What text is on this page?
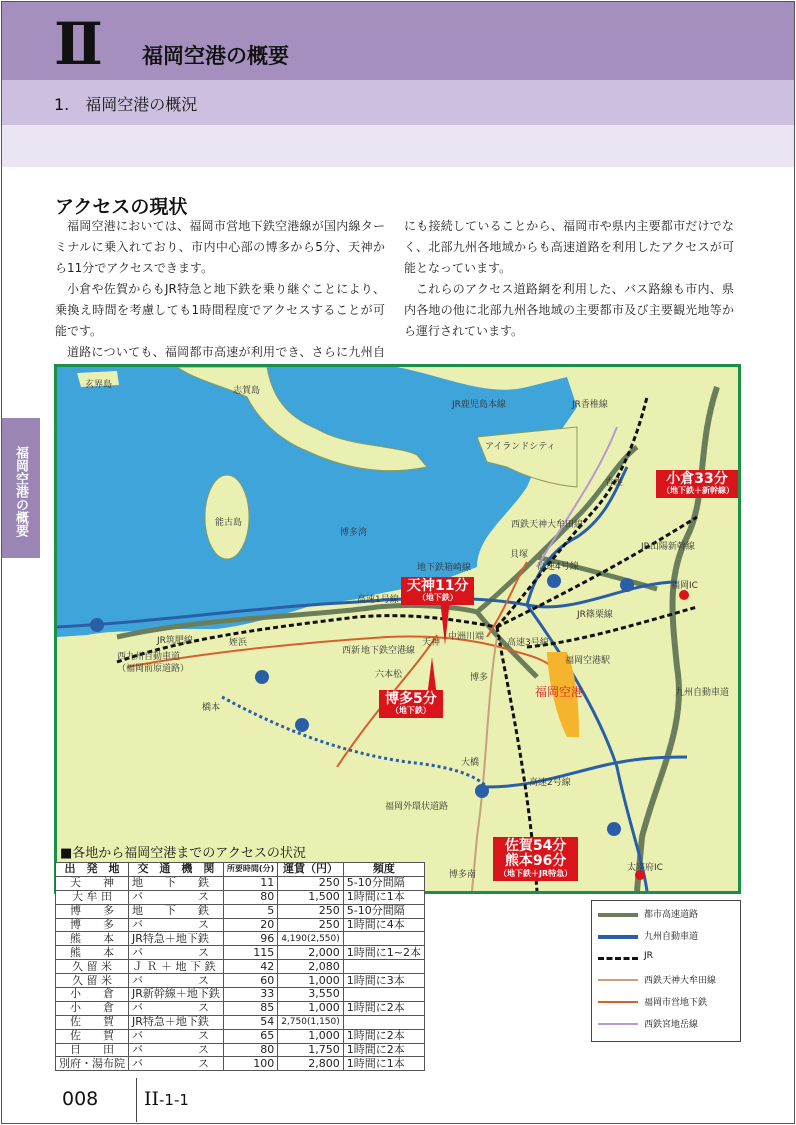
Ⅱ 福岡空港の概要
1.　福岡空港の概況
福岡空港の概要
アクセスの現状

福岡空港においては、福岡市営地下鉄空港線が国内線ターミナルに乗入れており、市内中心部の博多から5分、天神から11分でアクセスできます。

小倉や佐賀からもJR特急と地下鉄を乗り継ぐことにより、乗換え時間を考慮しても1時間程度でアクセスすることが可能です。

道路についても、福岡都市高速が利用でき、さらに九州自

にも接続していることから、福岡市や県内主要都市だけでなく、北部九州各地域からも高速道路を利用したアクセスが可能となっています。

これらのアクセス道路網を利用した、バス路線も市内、県内各地の他に北部九州各地域の主要都市及び主要観光地等から運行されています。

玄界島
志賀島
能古島
博多湾
アイランドシティ
香椎
福岡IC
太宰府IC
貝塚
西新
姪浜
六本松
橋本
天神
中洲川端
博多
大橋
福岡空港駅
福岡空港
博多南
地下鉄箱崎線
JR鹿児島本線	JR香椎線
JR山陽新幹線
JR篠栗線
JR筑肥線
西九州自動車道
（福岡前原道路）
高速1号線
高速4号線
高速3号線
高速2号線
九州自動車道
福岡外環状道路
地下鉄空港線
西鉄天神大牟田線
天神11分
（地下鉄）
博多5分
（地下鉄）
小倉33分
（地下鉄＋新幹線）
佐賀54分
熊本96分
（地下鉄＋JR特急）
■各地から福岡空港までのアクセスの状況
出　発　地	交　通　機　関	所要時間(分)	運賃（円）	頻度
天　　神	地　　下　　鉄	11	250	5-10分間隔
大 牟 田	バ　　　　　ス	80	1,500	1時間に1本
博　　多	地　　下　　鉄	5	250	5-10分間隔
博　　多	バ　　　　　ス	20	250	1時間に4本
熊　　本	JR特急＋地下鉄	96	4,190(2,550)	
熊　　本	バ　　　　　ス	115	2,000	1時間に1~2本
久 留 米	Ｊ Ｒ ＋ 地 下 鉄	42	2,080	
久 留 米	バ　　　　　ス	60	1,000	1時間に3本
小　　倉	JR新幹線＋地下鉄	33	3,550	
小　　倉	バ　　　　　ス	85	1,000	1時間に2本
佐　　賀	JR特急＋地下鉄	54	2,750(1,150)	
佐　　賀	バ　　　　　ス	65	1,000	1時間に2本
日　　田	バ　　　　　ス	80	1,750	1時間に2本
別府・湯布院	バ　　　　　ス	100	2,800	1時間に1本
都市高速道路
九州自動車道
JR
西鉄天神大牟田線
福岡市営地下鉄
西鉄宮地岳線
008 II-1-1
